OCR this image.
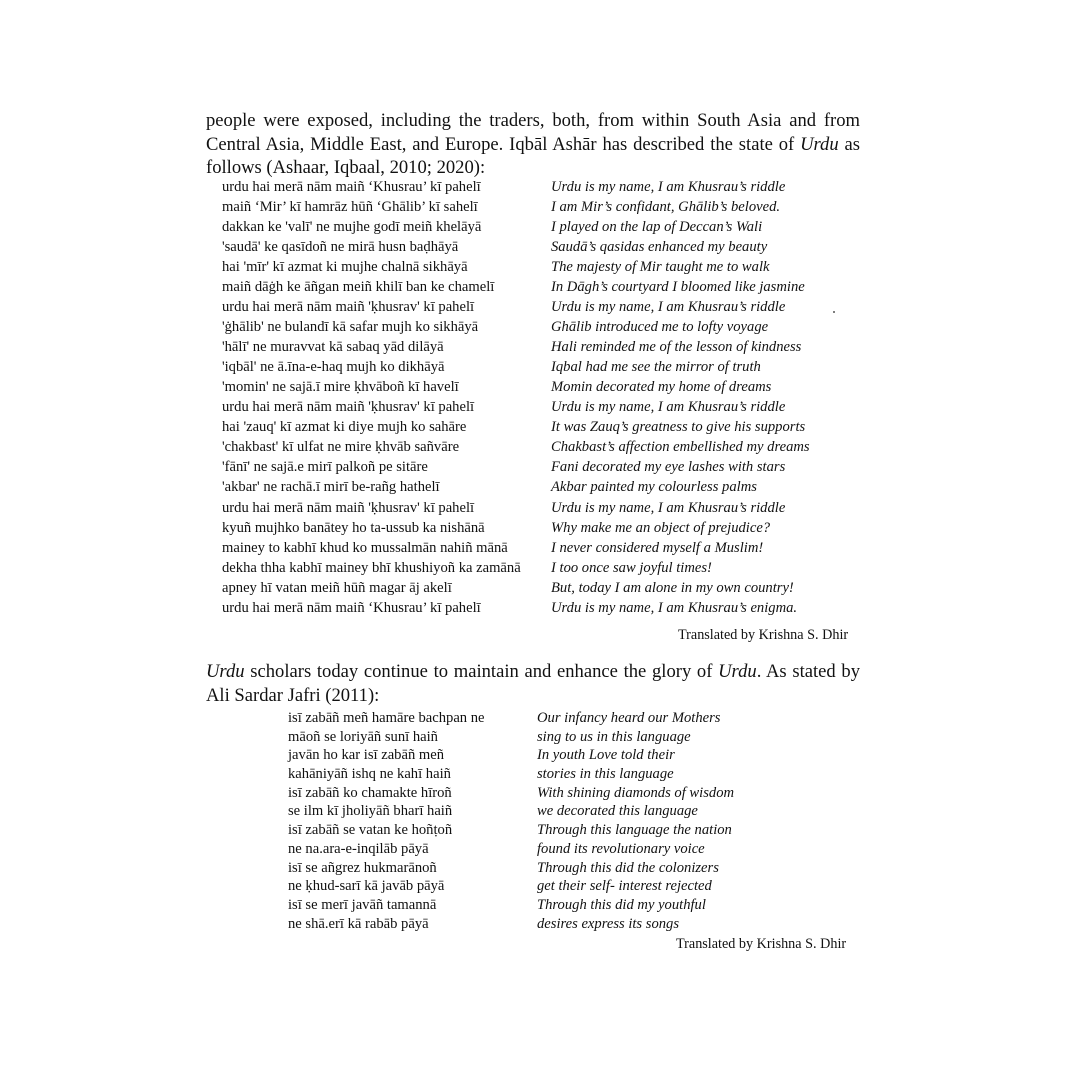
people were exposed, including the traders, both, from within South Asia and from Central Asia, Middle East, and Europe. Iqbāl Ashār has described the state of Urdu as follows (Ashaar, Iqbaal, 2010; 2020):

urdu hai merā nām maiñ ‘Khusrau’ kī pahelī
maiñ ‘Mir’ kī hamrāz hūñ ‘Ghālib’ kī sahelī
dakkan ke 'valī' ne mujhe godī meiñ khelāyā
'saudā' ke qasīdoñ ne mirā husn baḍhāyā
hai 'mīr' kī azmat ki mujhe chalnā sikhāyā
maiñ dāġh ke āñgan meiñ khilī ban ke chamelī
urdu hai merā nām maiñ 'ḳhusrav' kī pahelī
'ġhālib' ne bulandī kā safar mujh ko sikhāyā
'hālī' ne muravvat kā sabaq yād dilāyā
'iqbāl' ne ā.īna-e-haq mujh ko dikhāyā
'momin' ne sajā.ī mire ḳhvāboñ kī havelī
urdu hai merā nām maiñ 'ḳhusrav' kī pahelī
hai 'zauq' kī azmat ki diye mujh ko sahāre
'chakbast' kī ulfat ne mire ḳhvāb sañvāre
'fānī' ne sajā.e mirī palkoñ pe sitāre
'akbar' ne rachā.ī mirī be-rañg hathelī
urdu hai merā nām maiñ 'ḳhusrav' kī pahelī
kyuñ mujhko banātey ho ta-ussub ka nishānā
mainey to kabhī khud ko mussalmān nahiñ mānā
dekha thha kabhī mainey bhī khushiyoñ ka zamānā
apney hī vatan meiñ hūñ magar āj akelī
urdu hai merā nām maiñ ‘Khusrau’ kī pahelī
Urdu is my name, I am Khusrau’s riddle
I am Mir’s confidant, Ghālib’s beloved.
I played on the lap of Deccan’s Wali
Saudā’s qasidas enhanced my beauty
The majesty of Mir taught me to walk
In Dāgh’s courtyard I bloomed like jasmine
Urdu is my name, I am Khusrau’s riddle
Ghālib introduced me to lofty voyage
Hali reminded me of the lesson of kindness
Iqbal had me see the mirror of truth
Momin decorated my home of dreams
Urdu is my name, I am Khusrau’s riddle
It was Zauq’s greatness to give his supports
Chakbast’s affection embellished my dreams
Fani decorated my eye lashes with stars
Akbar painted my colourless palms
Urdu is my name, I am Khusrau’s riddle
Why make me an object of prejudice?
I never considered myself a Muslim!
I too once saw joyful times!
But, today I am alone in my own country!
Urdu is my name, I am Khusrau’s enigma.

Translated by Krishna S. Dhir

Urdu scholars today continue to maintain and enhance the glory of Urdu. As stated by Ali Sardar Jafri (2011):

isī zabāñ meñ hamāre bachpan ne
māoñ se loriyāñ sunī haiñ
javān ho kar isī zabāñ meñ
kahāniyāñ ishq ne kahī haiñ
isī zabāñ ko chamakte hīroñ
se ilm kī jholiyāñ bharī haiñ
isī zabāñ se vatan ke hoñṭoñ
ne na.ara-e-inqilāb pāyā
isī se añgrez hukmarānoñ
ne ḳhud-sarī kā javāb pāyā
isī se merī javāñ tamannā
ne shā.erī kā rabāb pāyā
Our infancy heard our Mothers
sing to us in this language
In youth Love told their
stories in this language
With shining diamonds of wisdom
we decorated this language
Through this language the nation
found its revolutionary voice
Through this did the colonizers
get their self- interest rejected
Through this did my youthful
desires express its songs

Translated by Krishna S. Dhir
